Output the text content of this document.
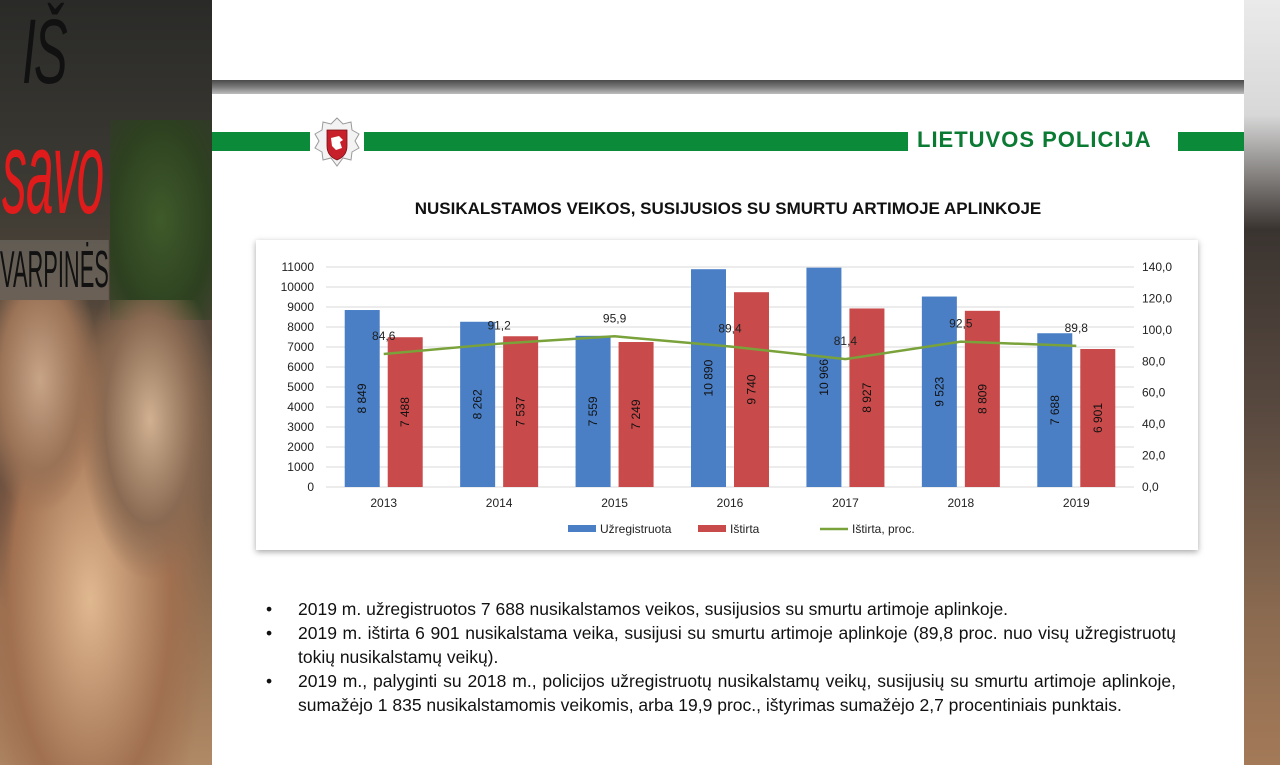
IŠ
savo
VARPINĖS
LIETUVOS POLICIJA
NUSIKALSTAMOS VEIKOS, SUSIJUSIOS SU SMURTU ARTIMOJE APLINKOJE
0
1000
2000
3000
4000
5000
6000
7000
8000
9000
10000
11000
0,0
20,0
40,0
60,0
80,0
100,0
120,0
140,0
8 849 7 488
2013
8 262 7 537
2014
7 559 7 249
2015
10 890 9 740
2016
10 966
8 927
2017
9 523 8 809
2018
7 688 6 901
2019
84,6
91,2
95,9
89,4
81,4
92,5	89,8
Užregistruota	Ištirta	Ištirta, proc.
• 2019 m. užregistruotos 7 688 nusikalstamos veikos, susijusios su smurtu artimoje aplinkoje.
• 2019 m. ištirta 6 901 nusikalstama veika, susijusi su smurtu artimoje aplinkoje (89,8 proc. nuo visų užregistruotų tokių nusikalstamų veikų).
• 2019 m., palyginti su 2018 m., policijos užregistruotų nusikalstamų veikų, susijusių su smurtu artimoje aplinkoje, sumažėjo 1 835 nusikalstamomis veikomis, arba 19,9 proc., ištyrimas sumažėjo 2,7 procentiniais punktais.
